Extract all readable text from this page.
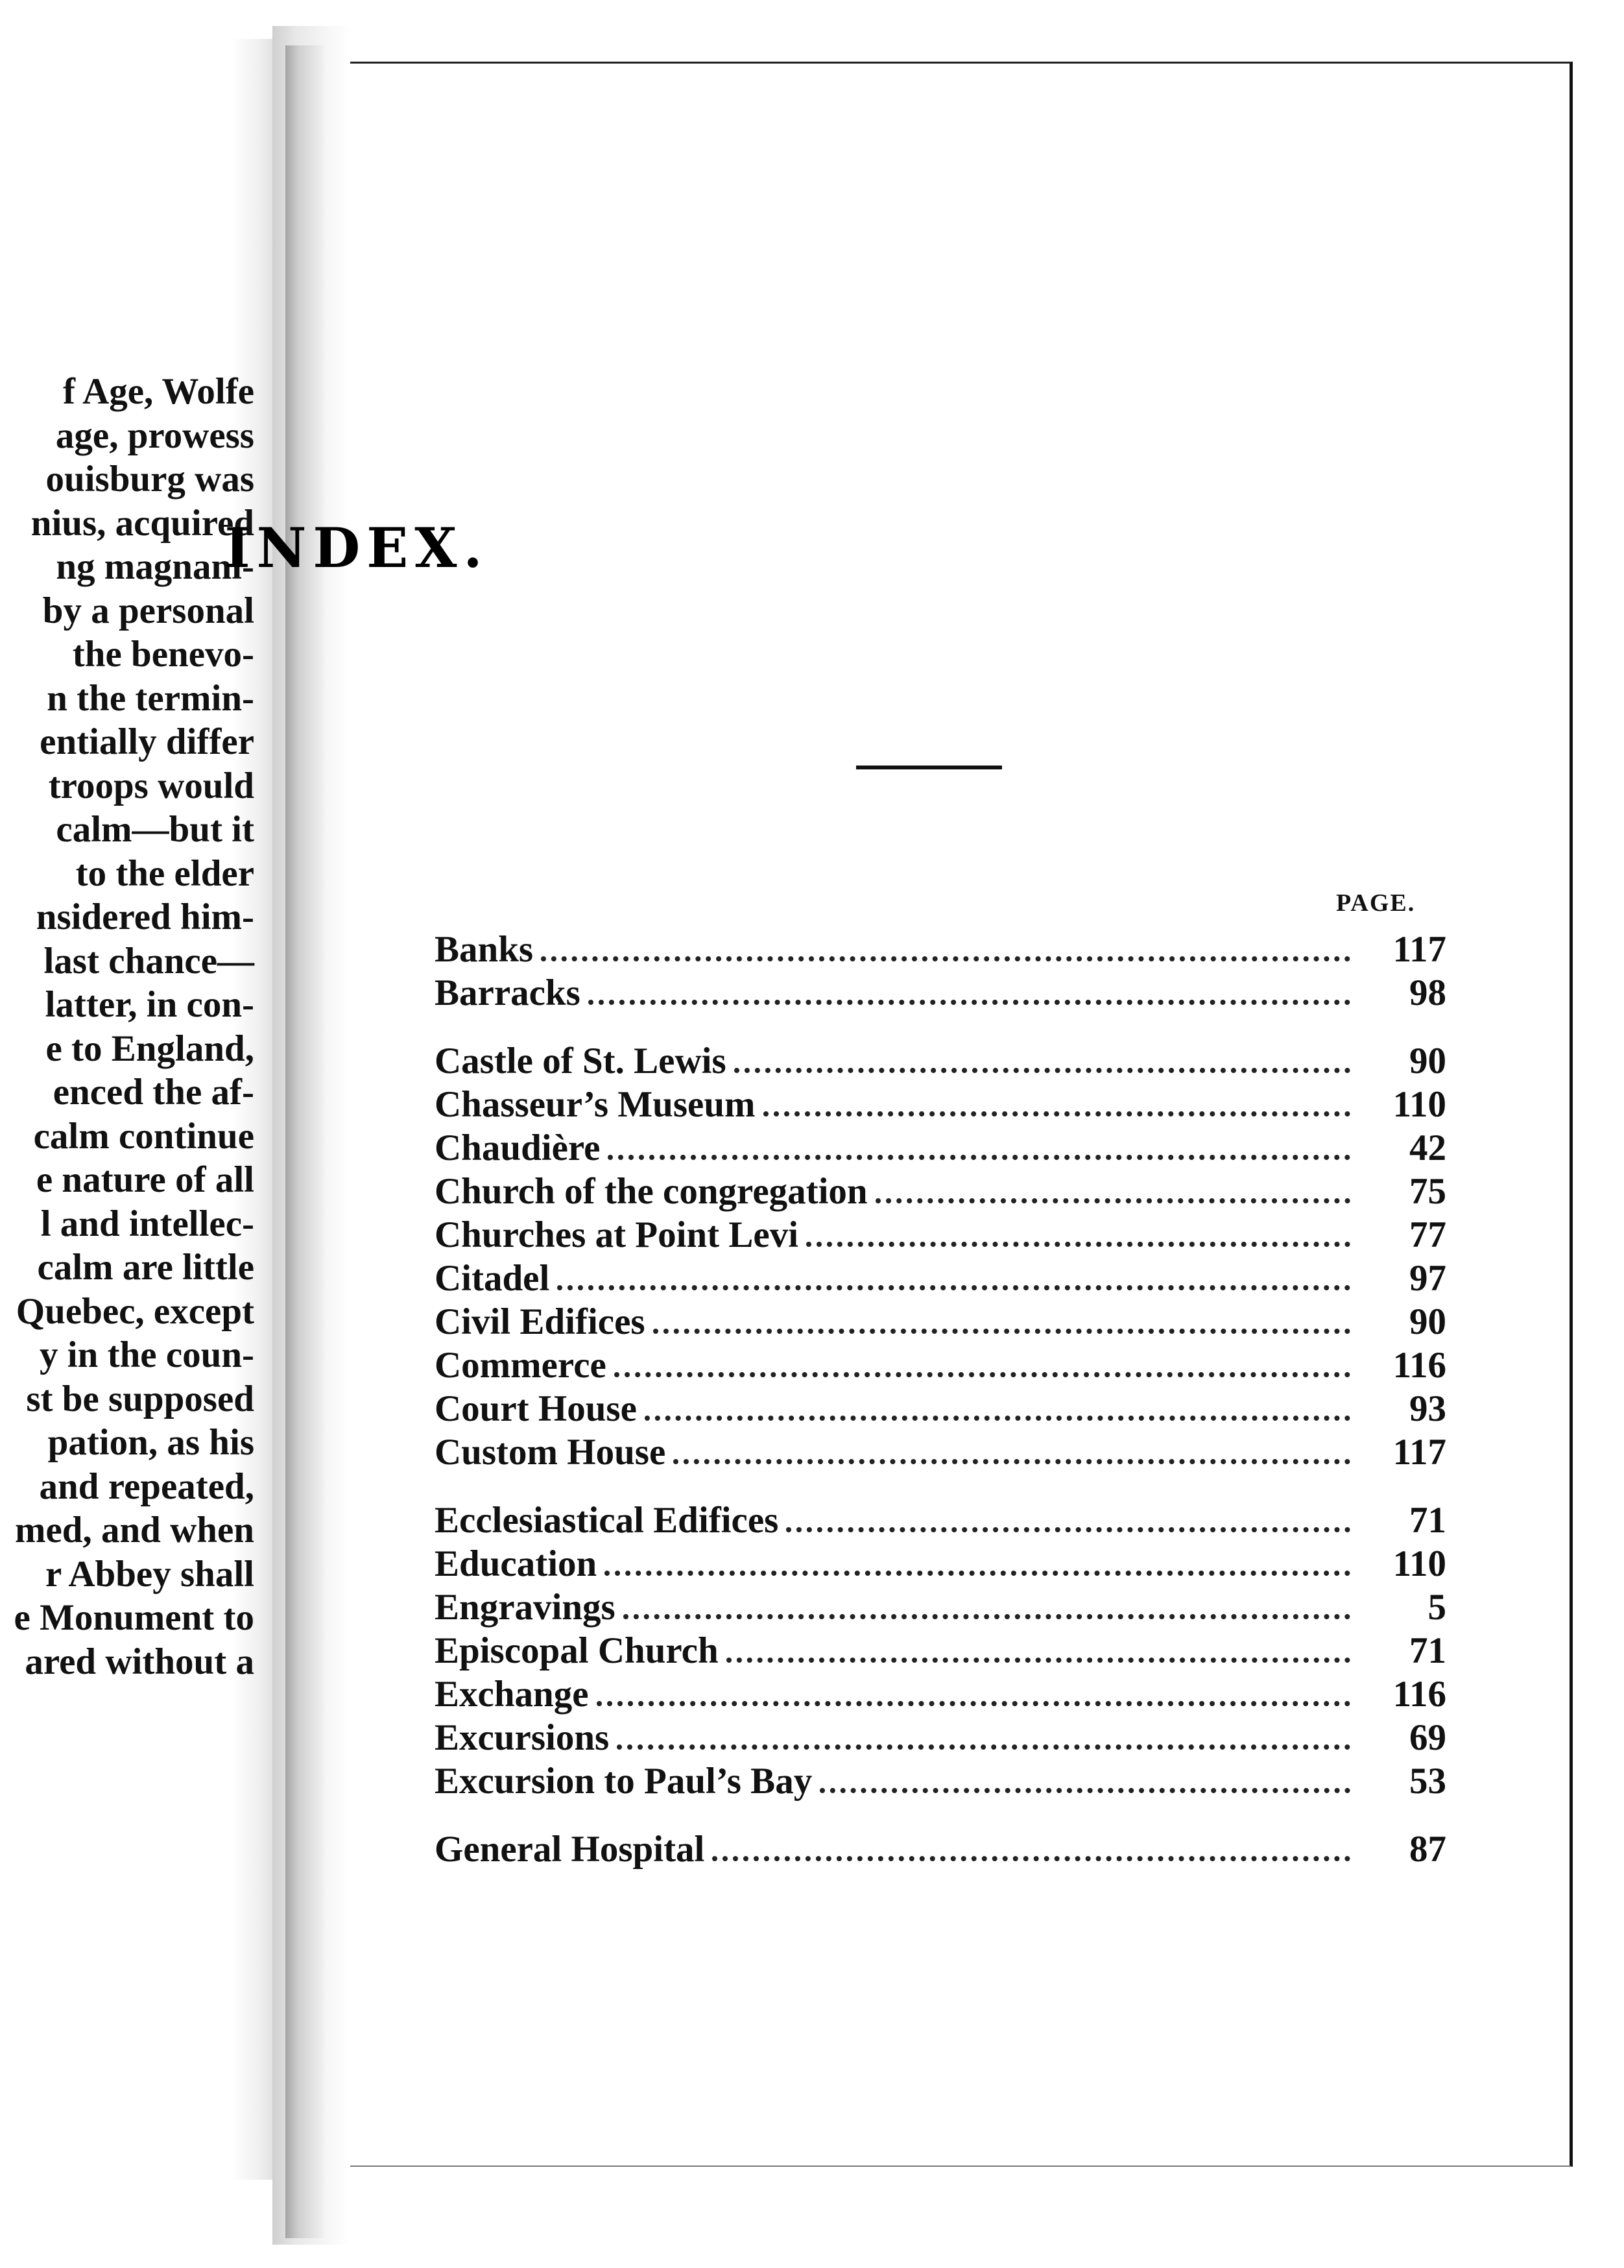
f Age, Wolfe
age, prowess
ouisburg was
nius, acquired
ng magnani-
by a personal
the benevo-
n the termin-
entially differ
troops would
calm—but it
to the elder
nsidered him-
last chance—
latter, in con-
e to England,
enced the af-
calm continue
e nature of all
l and intellec-
calm are little
Quebec, except
y in the coun-
st be supposed
pation, as his
and repeated,
med, and when
r Abbey shall
e Monument to
ared without a
INDEX.
PAGE.
Banks	117
Barracks	98
Castle of St. Lewis	90
Chasseur’s Museum	110
Chaudière	42
Church of the congregation	75
Churches at Point Levi	77
Citadel	97
Civil Edifices	90
Commerce	116
Court House	93
Custom House	117
Ecclesiastical Edifices	71
Education	110
Engravings	5
Episcopal Church	71
Exchange	116
Excursions	69
Excursion to Paul’s Bay	53
General Hospital	87
